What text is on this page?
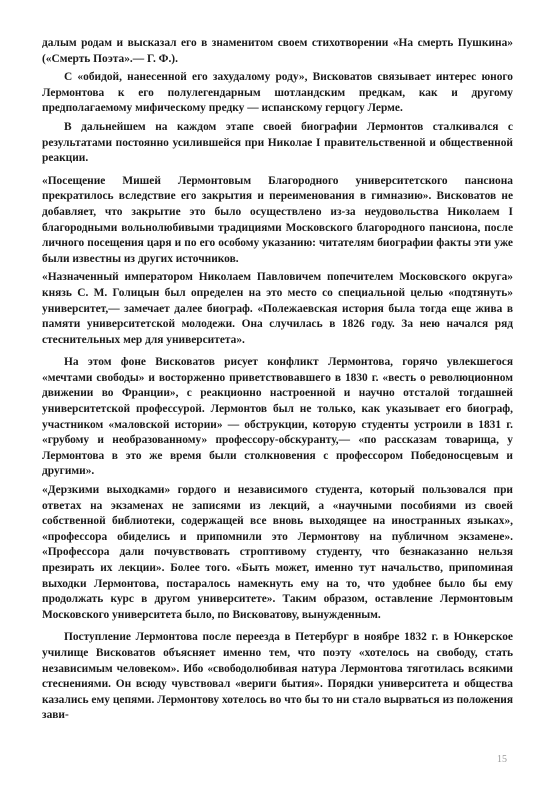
далым родам и высказал его в знаменитом своем стихотворении «На смерть Пушкина» («Смерть Поэта».— Г. Ф.).

С «обидой, нанесенной его захудалому роду», Висковатов связывает интерес юного Лермонтова к его полулегендарным шотландским предкам, как и другому предполагаемому мифическому предку — испанскому герцогу Лерме.

В дальнейшем на каждом этапе своей биографии Лермонтов сталкивался с результатами постоянно усилившейся при Николае I правительственной и общественной реакции.

«Посещение Мишей Лермонтовым Благородного университетского пансиона прекратилось вследствие его закрытия и переименования в гимназию». Висковатов не добавляет, что закрытие это было осуществлено из-за неудовольства Николаем I благородными вольнолюбивыми традициями Московского благородного пансиона, после личного посещения царя и по его особому указанию: читателям биографии факты эти уже были известны из других источников.

«Назначенный императором Николаем Павловичем попечителем Московского округа» князь С. М. Голицын был определен на это место со специальной целью «подтянуть» университет,— замечает далее биограф. «Полежаевская история была тогда еще жива в памяти университетской молодежи. Она случилась в 1826 году. За нею начался ряд стеснительных мер для университета».

На этом фоне Висковатов рисует конфликт Лермонтова, горячо увлекшегося «мечтами свободы» и восторженно приветствовавшего в 1830 г. «весть о революционном движении во Франции», с реакционно настроенной и научно отсталой тогдашней университетской профессурой. Лермонтов был не только, как указывает его биограф, участником «маловской истории» — обструкции, которую студенты устроили в 1831 г. «грубому и необразованному» профессору-обскуранту,— «по рассказам товарища, у Лермонтова в это же время были столкновения с профессором Победоносцевым и другими».

«Дерзкими выходками» гордого и независимого студента, который пользовался при ответах на экзаменах не записями из лекций, а «научными пособиями из своей собственной библиотеки, содержащей все вновь выходящее на иностранных языках», «профессора обиделись и припомнили это Лермонтову на публичном экзамене». «Профессора дали почувствовать строптивому студенту, что безнаказанно нельзя презирать их лекции». Более того. «Быть может, именно тут начальство, припоминая выходки Лермонтова, постаралось намекнуть ему на то, что удобнее было бы ему продолжать курс в другом университете». Таким образом, оставление Лермонтовым Московского университета было, по Висковатову, вынужденным.

Поступление Лермонтова после переезда в Петербург в ноябре 1832 г. в Юнкерское училище Висковатов объясняет именно тем, что поэту «хотелось на свободу, стать независимым человеком». Ибо «свободолюбивая натура Лермонтова тяготилась всякими стеснениями. Он всюду чувствовал «вериги бытия». Порядки университета и общества казались ему цепями. Лермонтову хотелось во что бы то ни стало вырваться из положения зави-

15
